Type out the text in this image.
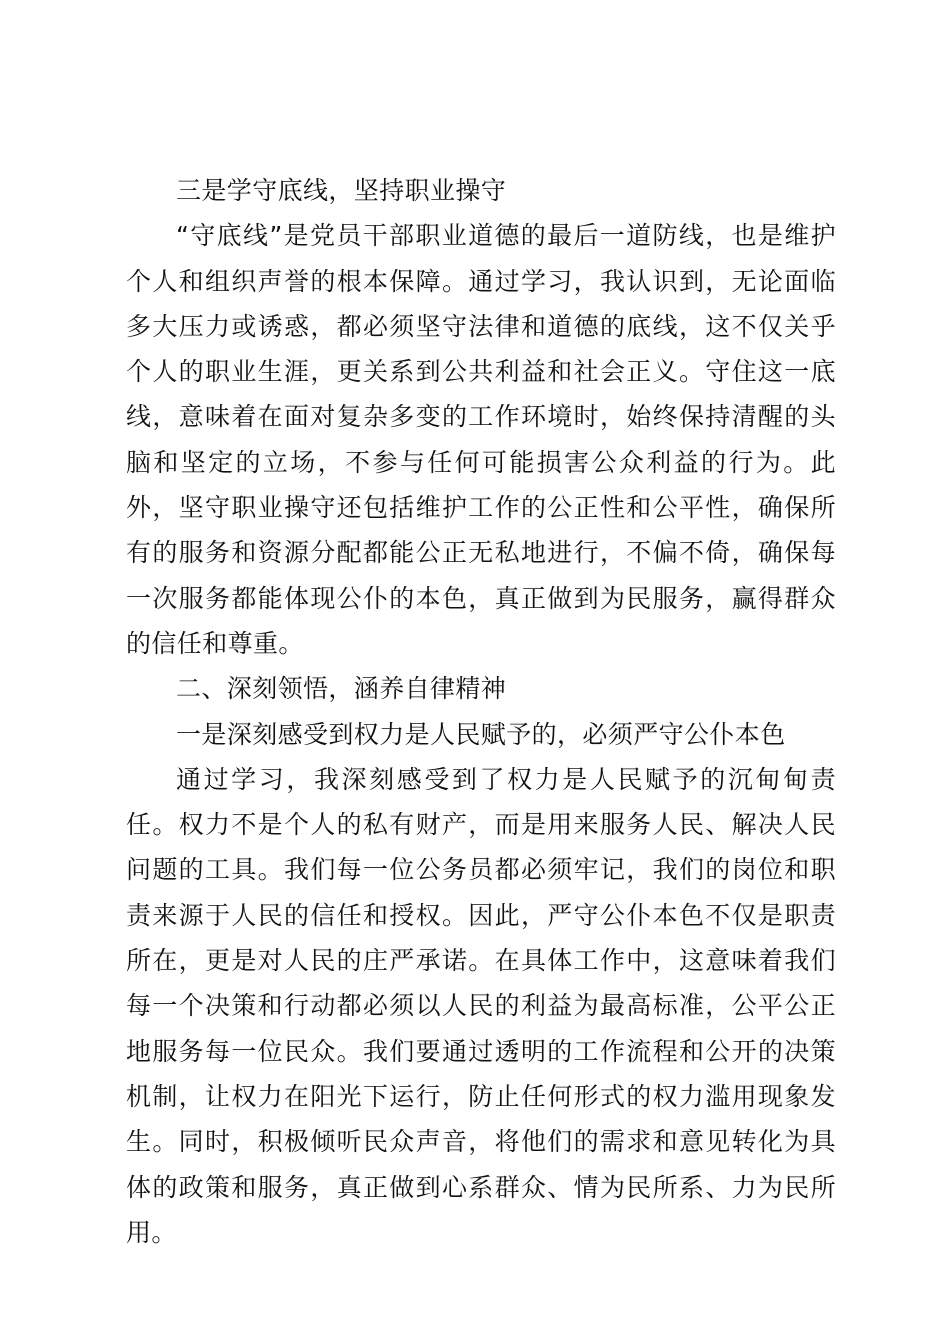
三是学守底线，坚持职业操守

“守底线”是党员干部职业道德的最后一道防线，也是维护个人和组织声誉的根本保障。通过学习，我认识到，无论面临多大压力或诱惑，都必须坚守法律和道德的底线，这不仅关乎个人的职业生涯，更关系到公共利益和社会正义。守住这一底线，意味着在面对复杂多变的工作环境时，始终保持清醒的头脑和坚定的立场，不参与任何可能损害公众利益的行为。此外，坚守职业操守还包括维护工作的公正性和公平性，确保所有的服务和资源分配都能公正无私地进行，不偏不倚，确保每一次服务都能体现公仆的本色，真正做到为民服务，赢得群众的信任和尊重。

二、深刻领悟，涵养自律精神

一是深刻感受到权力是人民赋予的，必须严守公仆本色

通过学习，我深刻感受到了权力是人民赋予的沉甸甸责任。权力不是个人的私有财产，而是用来服务人民、解决人民问题的工具。我们每一位公务员都必须牢记，我们的岗位和职责来源于人民的信任和授权。因此，严守公仆本色不仅是职责所在，更是对人民的庄严承诺。在具体工作中，这意味着我们每一个决策和行动都必须以人民的利益为最高标准，公平公正地服务每一位民众。我们要通过透明的工作流程和公开的决策机制，让权力在阳光下运行，防止任何形式的权力滥用现象发生。同时，积极倾听民众声音，将他们的需求和意见转化为具体的政策和服务，真正做到心系群众、情为民所系、力为民所用。
